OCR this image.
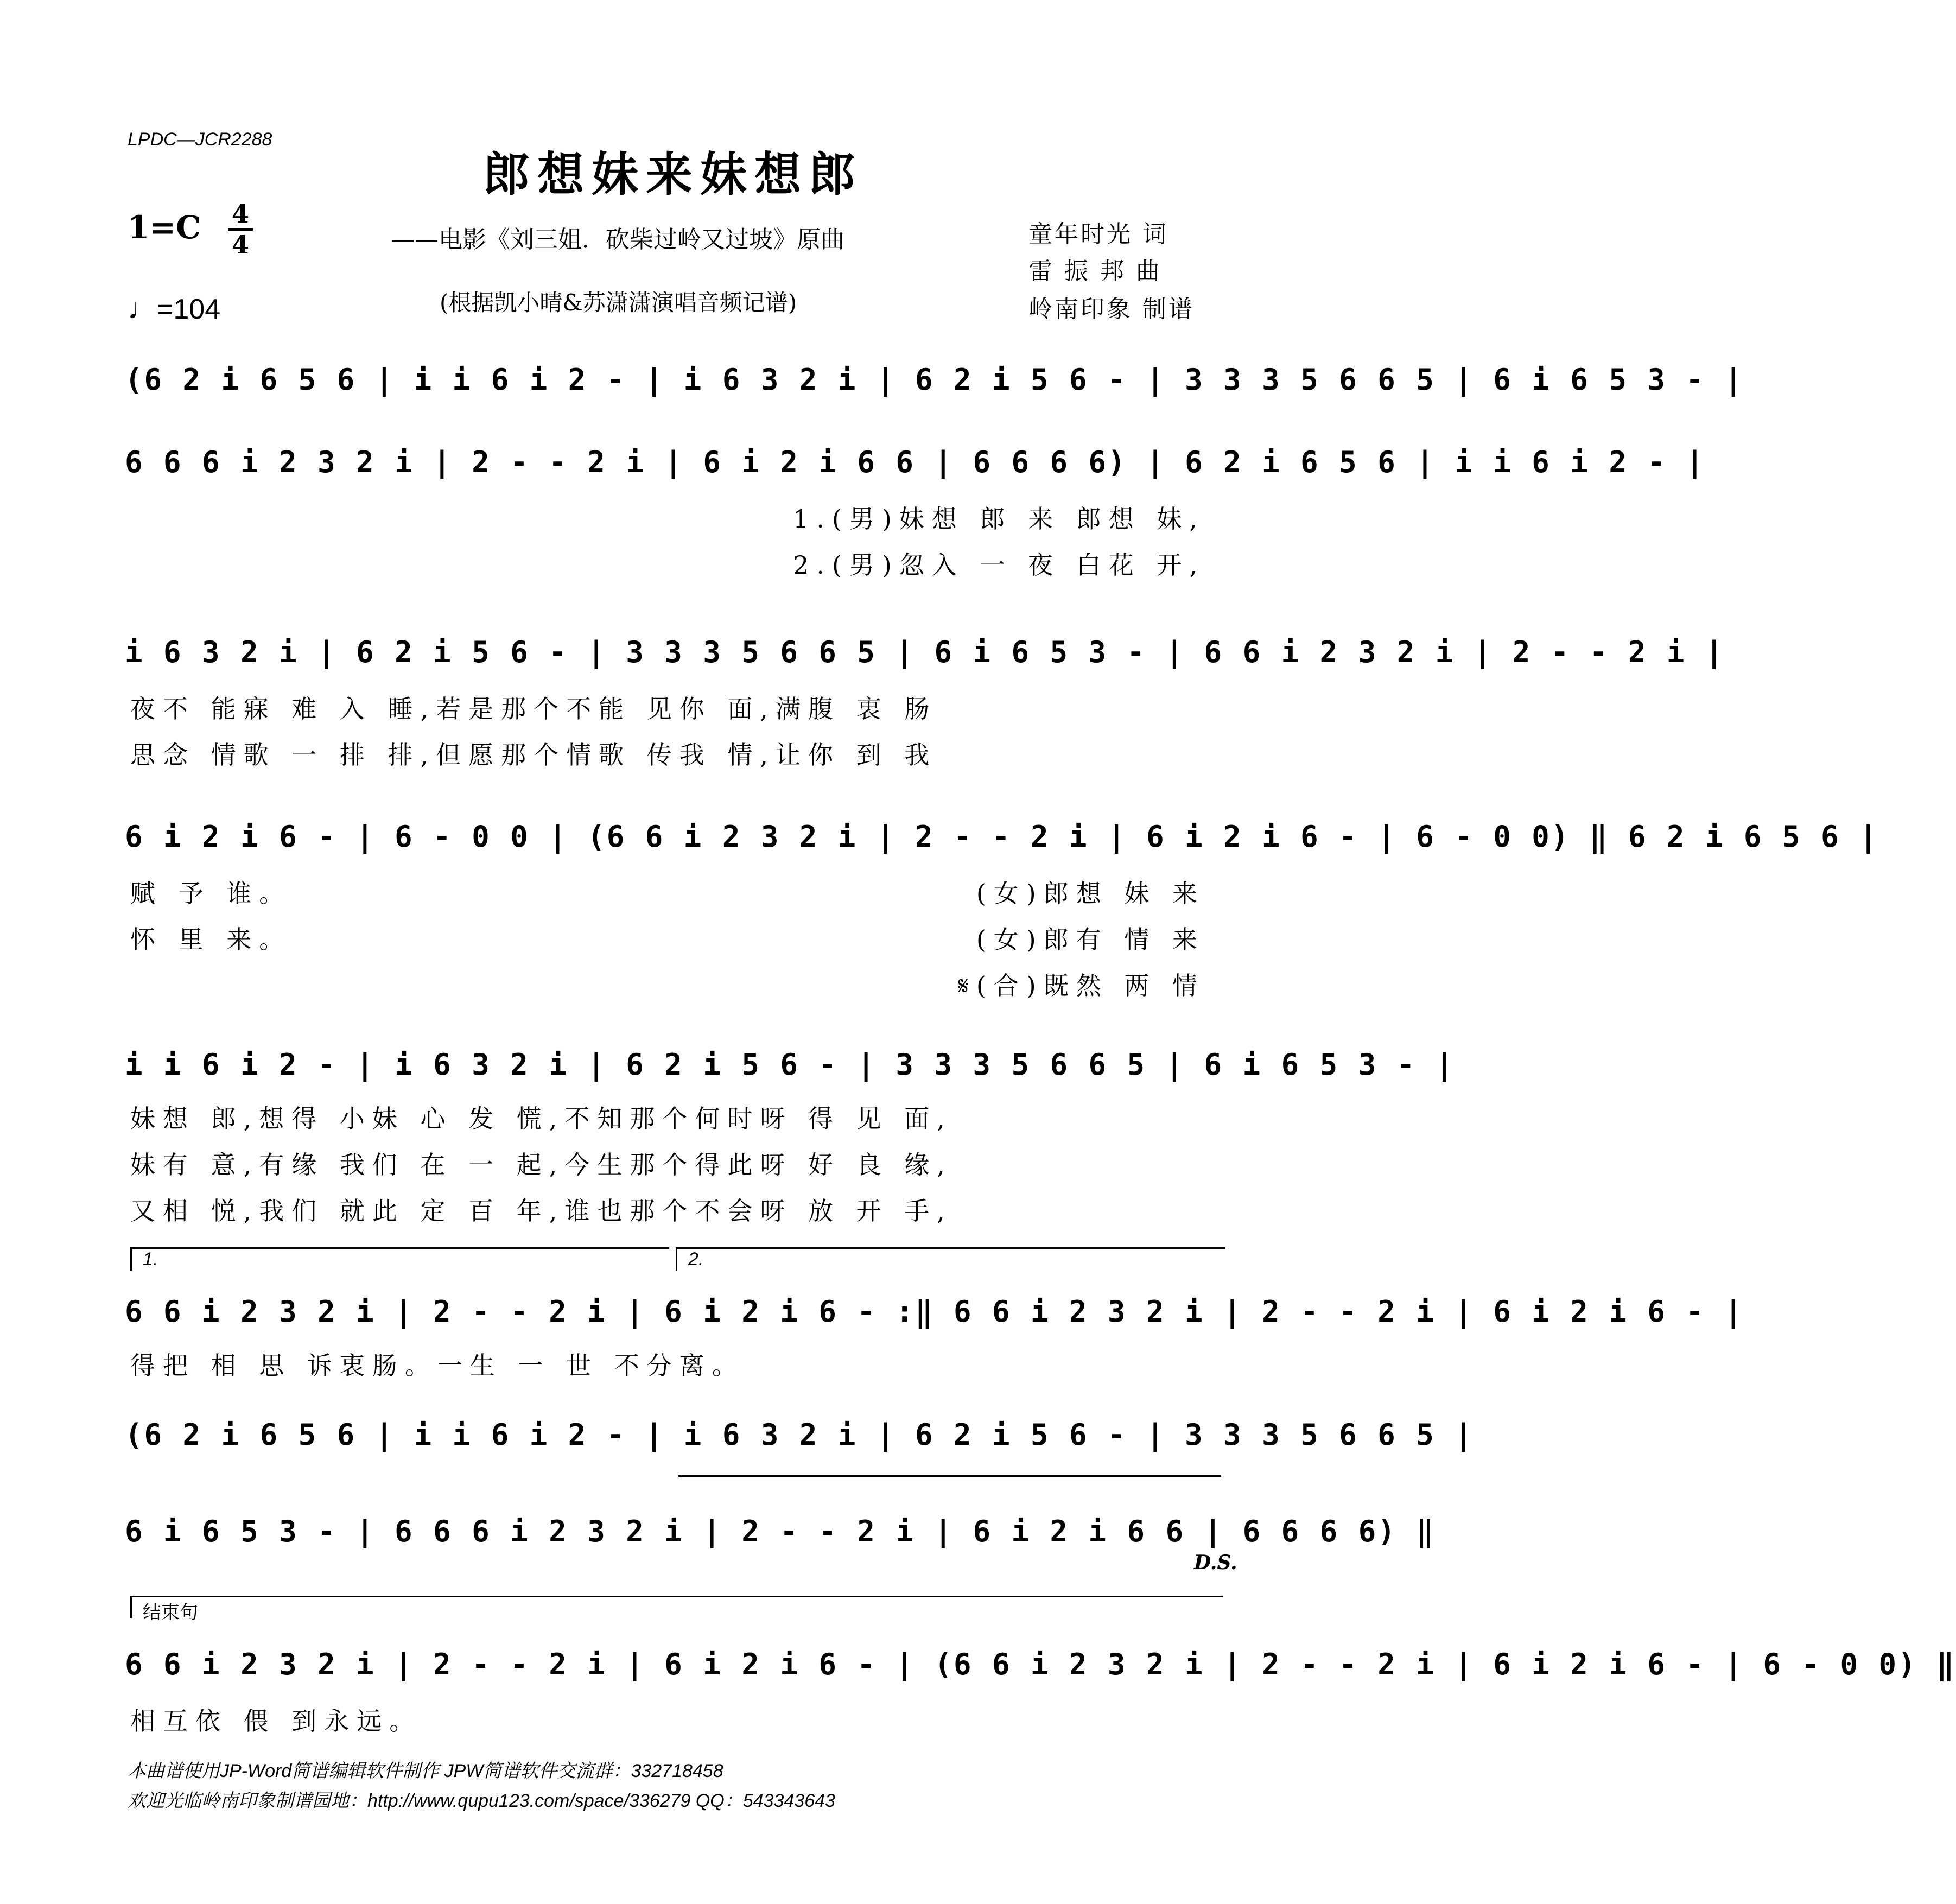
LPDC—JCR2288
郎想妹来妹想郎
1=C 4
4
♩=104
——电影《刘三姐．砍柴过岭又过坡》原曲
(根据凯小晴&苏潇潇演唱音频记谱)
童年时光 词
雷 振 邦 曲
岭南印象 制谱
(6 2 i 6 5 6 | i i 6 i 2 - | i 6 3 2 i | 6 2 i 5 6 - | 3 3 3 5 6 6 5 | 6 i 6 5 3 - |
6 6 6 i 2 3 2 i | 2 - - 2 i | 6 i 2 i 6 6 | 6 6 6 6) | 6 2 i 6 5 6 | i i 6 i 2 - |
1.(男)妹想 郎 来 郎想 妹,
2.(男)忽入 一 夜 白花 开,
i 6 3 2 i | 6 2 i 5 6 - | 3 3 3 5 6 6 5 | 6 i 6 5 3 - | 6 6 i 2 3 2 i | 2 - - 2 i |
夜不 能寐 难 入 睡,若是那个不能 见你 面,满腹 衷 肠
思念 情歌 一 排 排,但愿那个情歌 传我 情,让你 到 我
6 i 2 i 6 - | 6 - 0 0 | (6 6 i 2 3 2 i | 2 - - 2 i | 6 i 2 i 6 - | 6 - 0 0) ‖ 6 2 i 6 5 6 |
赋 予 谁。
怀 里 来。
(女)郎想 妹 来
(女)郎有 情 来
𝄋(合)既然 两 情
i i 6 i 2 - | i 6 3 2 i | 6 2 i 5 6 - | 3 3 3 5 6 6 5 | 6 i 6 5 3 - |
妹想 郎,想得 小妹 心 发 慌,不知那个何时呀 得 见 面,
妹有 意,有缘 我们 在 一 起,今生那个得此呀 好 良 缘,
又相 悦,我们 就此 定 百 年,谁也那个不会呀 放 开 手,
1.	2.
6 6 i 2 3 2 i | 2 - - 2 i | 6 i 2 i 6 - :‖ 6 6 i 2 3 2 i | 2 - - 2 i | 6 i 2 i 6 - |
得把 相 思 诉衷肠。一生 一 世 不分离。
(6 2 i 6 5 6 | i i 6 i 2 - | i 6 3 2 i | 6 2 i 5 6 - | 3 3 3 5 6 6 5 |
6 i 6 5 3 - | 6 6 6 i 2 3 2 i | 2 - - 2 i | 6 i 2 i 6 6 | 6 6 6 6) ‖
D.S.
结束句
6 6 i 2 3 2 i | 2 - - 2 i | 6 i 2 i 6 - | (6 6 i 2 3 2 i | 2 - - 2 i | 6 i 2 i 6 - | 6 - 0 0) ‖
相互依 偎 到永远。
本曲谱使用JP-Word简谱编辑软件制作 JPW简谱软件交流群：332718458
欢迎光临岭南印象制谱园地：http://www.qupu123.com/space/336279 QQ：543343643
